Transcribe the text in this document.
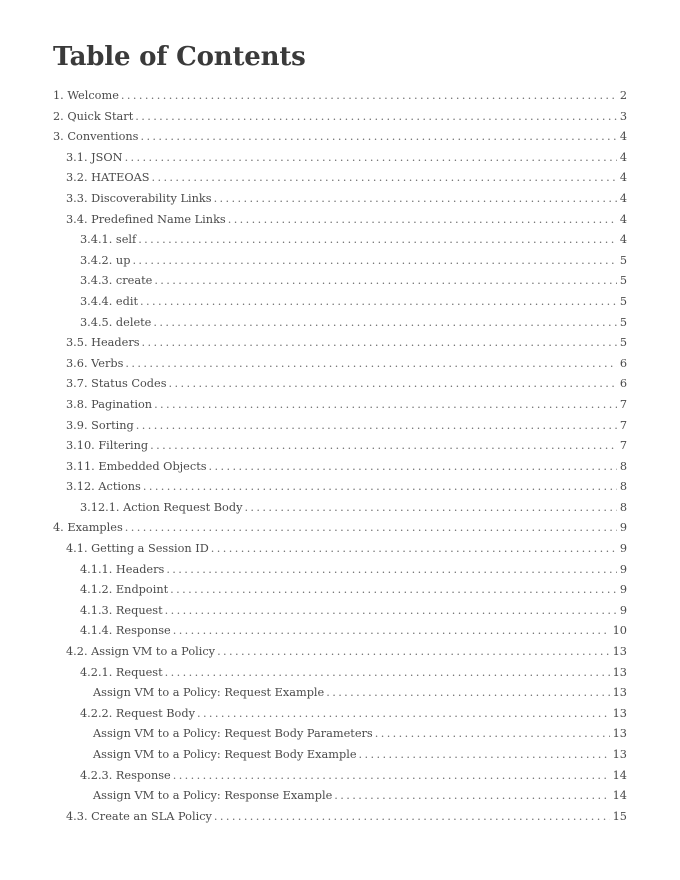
Table of Contents
1. Welcome . . .	2
2. Quick Start . . .	3
3. Conventions . . .	4
3.1. JSON . . .	4
3.2. HATEOAS . . .	4
3.3. Discoverability Links . . .	4
3.4. Predefined Name Links . . .	4
3.4.1. self . . .	4
3.4.2. up . . .	5
3.4.3. create . . .	5
3.4.4. edit . . .	5
3.4.5. delete . . .	5
3.5. Headers . . .	5
3.6. Verbs . . .	6
3.7. Status Codes . . .	6
3.8. Pagination . . .	7
3.9. Sorting . . .	7
3.10. Filtering . . .	7
3.11. Embedded Objects . . .	8
3.12. Actions . . .	8
3.12.1. Action Request Body . . .	8
4. Examples . . .	9
4.1. Getting a Session ID . . .	9
4.1.1. Headers . . .	9
4.1.2. Endpoint . . .	9
4.1.3. Request . . .	9
4.1.4. Response . . .	10
4.2. Assign VM to a Policy . . .	13
4.2.1. Request . . .	13
Assign VM to a Policy: Request Example . . .	13
4.2.2. Request Body . . .	13
Assign VM to a Policy: Request Body Parameters . . .	13
Assign VM to a Policy: Request Body Example . . .	13
4.2.3. Response . . .	14
Assign VM to a Policy: Response Example . . .	14
4.3. Create an SLA Policy . . .	15
